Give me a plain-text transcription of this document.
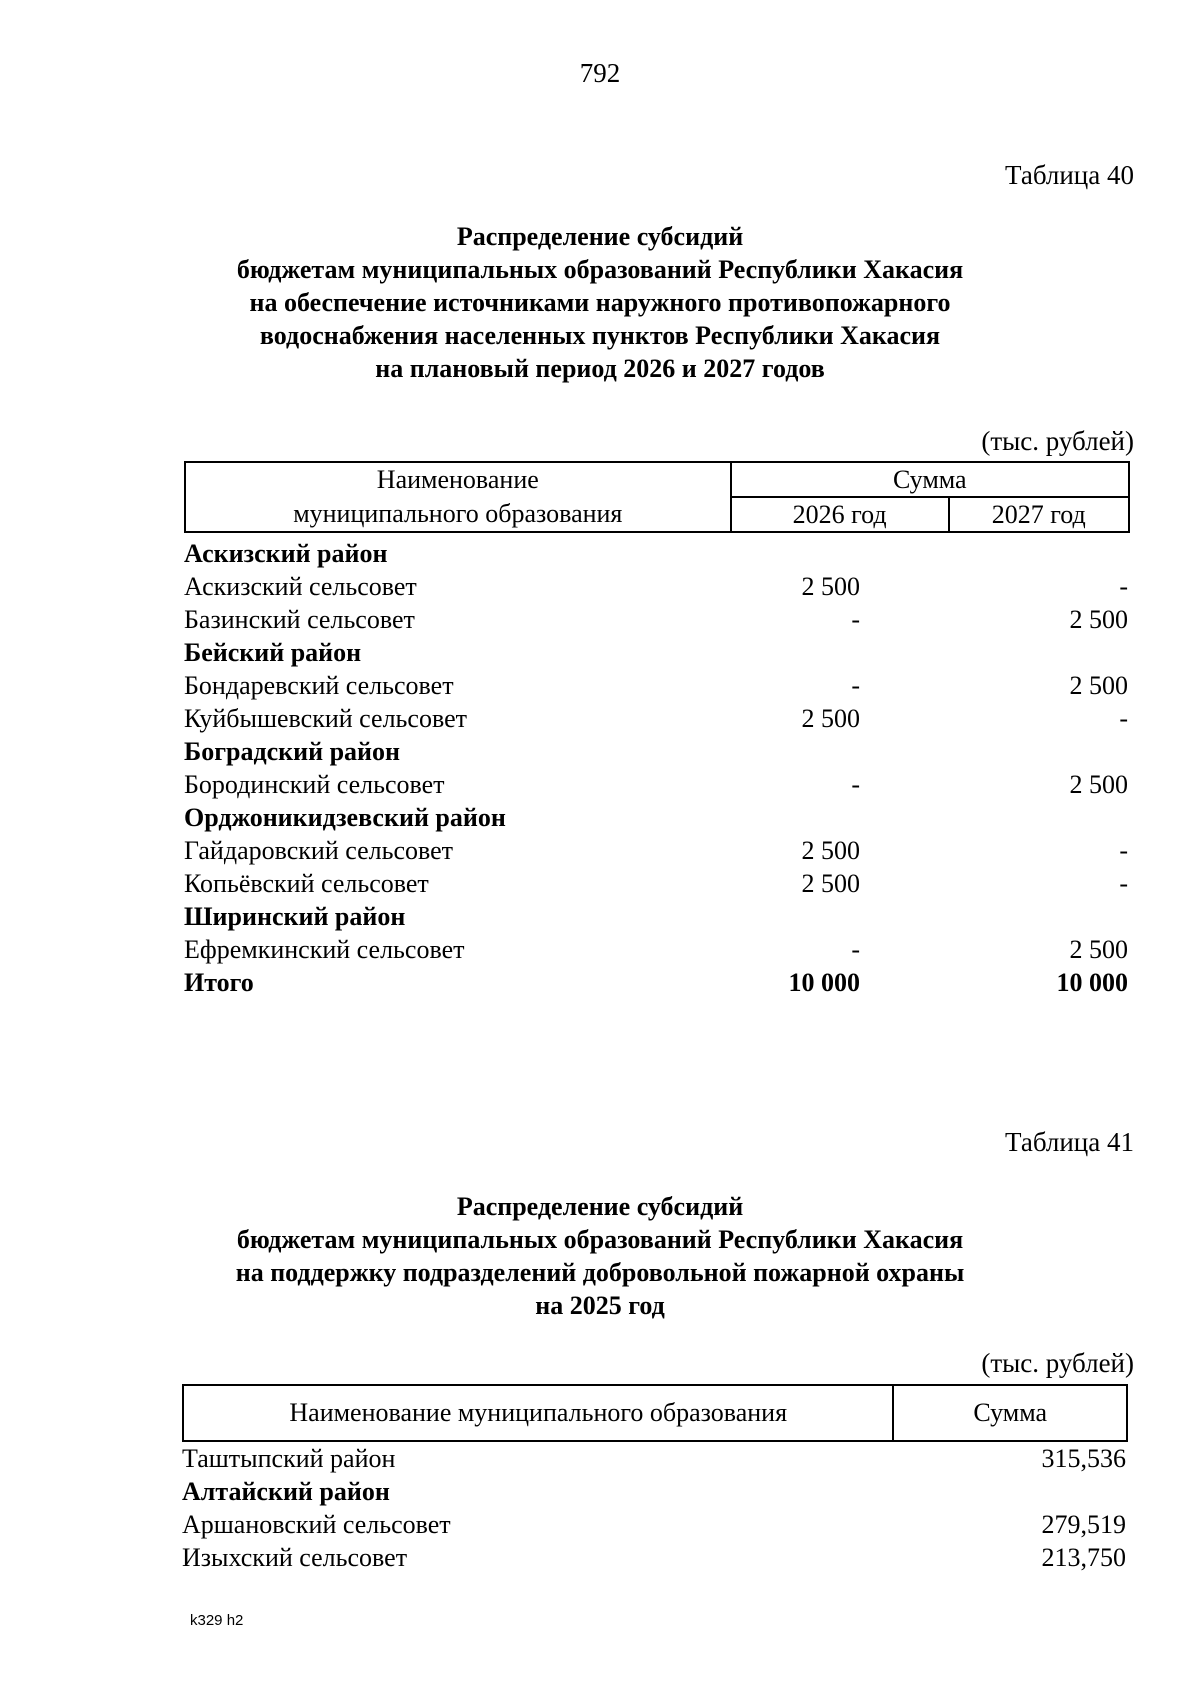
792
Таблица 40
Распределение субсидий
бюджетам муниципальных образований Республики Хакасия
на обеспечение источниками наружного противопожарного
водоснабжения населенных пунктов Республики Хакасия
на плановый период 2026 и 2027 годов
(тыс. рублей)
Наименование
муниципального образования	Сумма	
	2026 год	2027 год
Аскизский район
Аскизский сельсовет	2 500	-
Базинский сельсовет	-	2 500
Бейский район
Бондаревский сельсовет	-	2 500
Куйбышевский сельсовет	2 500	-
Боградский район
Бородинский сельсовет	-	2 500
Орджоникидзевский район
Гайдаровский сельсовет	2 500	-
Копьёвский сельсовет	2 500	-
Ширинский район
Ефремкинский сельсовет	-	2 500
Итого	10 000	10 000
Таблица 41
Распределение субсидий
бюджетам муниципальных образований Республики Хакасия
на поддержку подразделений добровольной пожарной охраны
на 2025 год
(тыс. рублей)
Наименование муниципального образования	Сумма
Таштыпский район	315,536
Алтайский район
Аршановский сельсовет	279,519
Изыхский сельсовет	213,750
k329 h2
